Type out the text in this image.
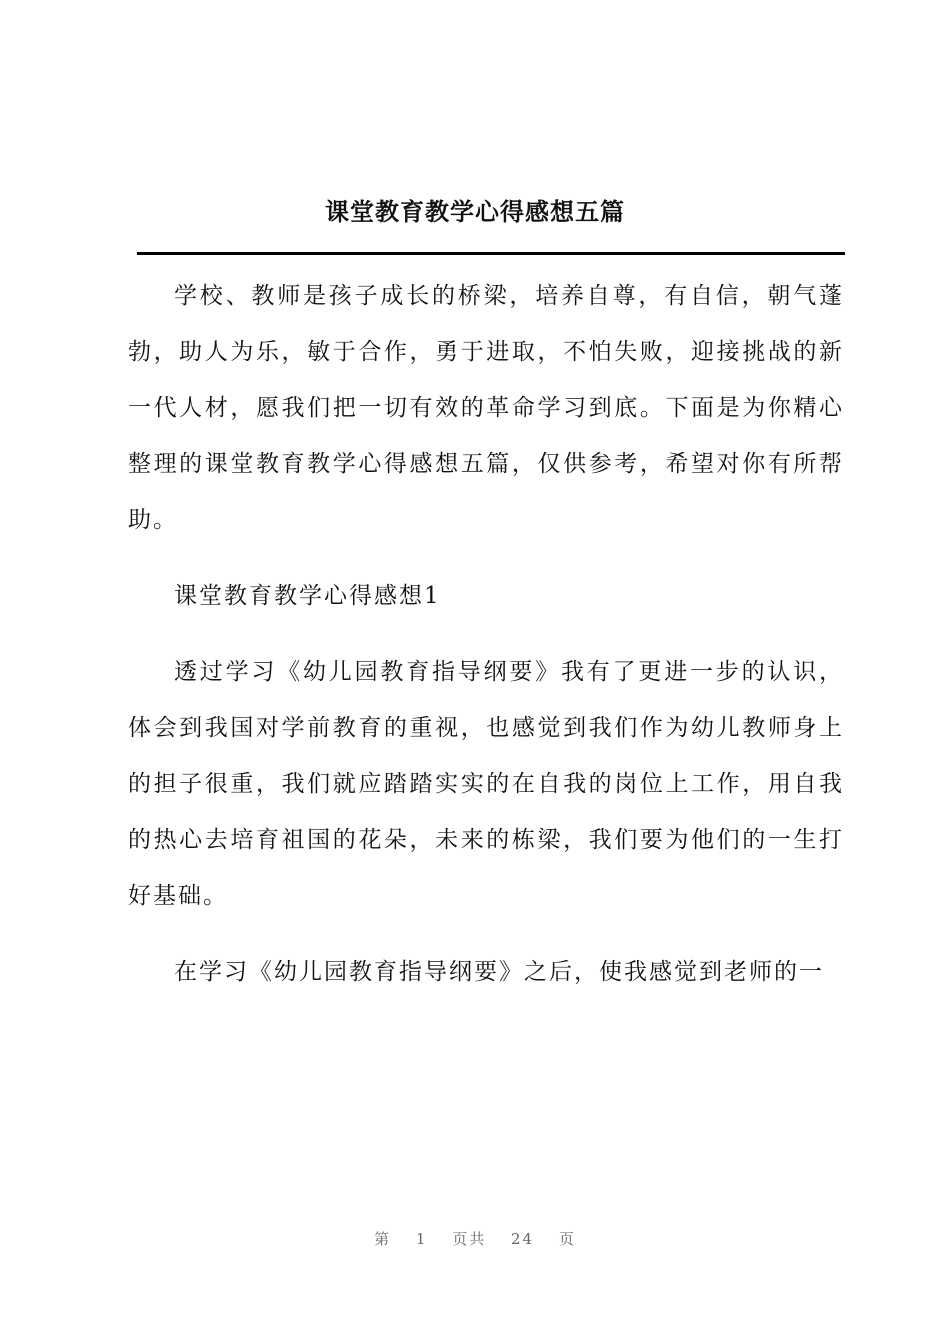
课堂教育教学心得感想五篇

学校、教师是孩子成长的桥梁，培养自尊，有自信，朝气蓬勃，助人为乐，敏于合作，勇于进取，不怕失败，迎接挑战的新一代人材，愿我们把一切有效的革命学习到底。下面是为你精心整理的课堂教育教学心得感想五篇，仅供参考，希望对你有所帮助。

课堂教育教学心得感想1

透过学习《幼儿园教育指导纲要》我有了更进一步的认识，体会到我国对学前教育的重视，也感觉到我们作为幼儿教师身上的担子很重，我们就应踏踏实实的在自我的岗位上工作，用自我的热心去培育祖国的花朵，未来的栋梁，我们要为他们的一生打好基础。

在学习《幼儿园教育指导纲要》之后，使我感觉到老师的一

第 1 页共 24 页
